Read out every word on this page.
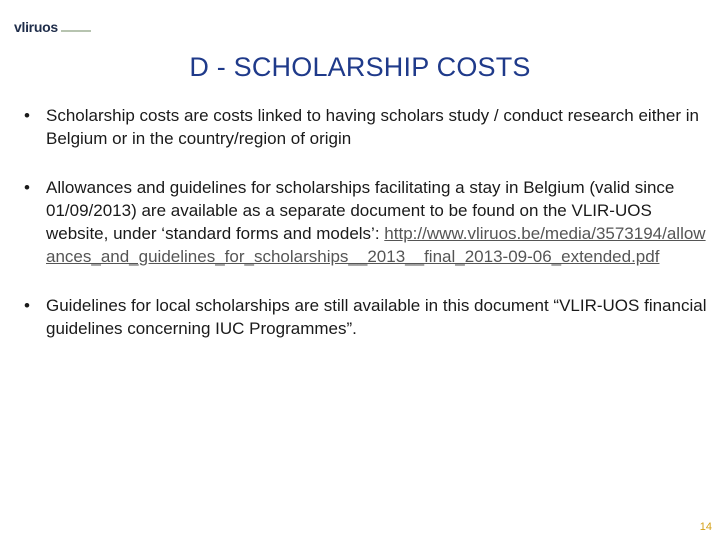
vliruos
D - SCHOLARSHIP COSTS
• Scholarship costs are costs linked to having scholars study / conduct research either in Belgium or in the country/region of origin
• Allowances and guidelines for scholarships facilitating a stay in Belgium (valid since 01/09/2013) are available as a separate document to be found on the VLIR-UOS website, under ‘standard forms and models’: http://www.vliruos.be/media/3573194/allowances_and_guidelines_for_scholarships__2013__final_2013-09-06_extended.pdf
• Guidelines for local scholarships are still available in this document “VLIR-UOS financial guidelines concerning IUC Programmes”.
14
